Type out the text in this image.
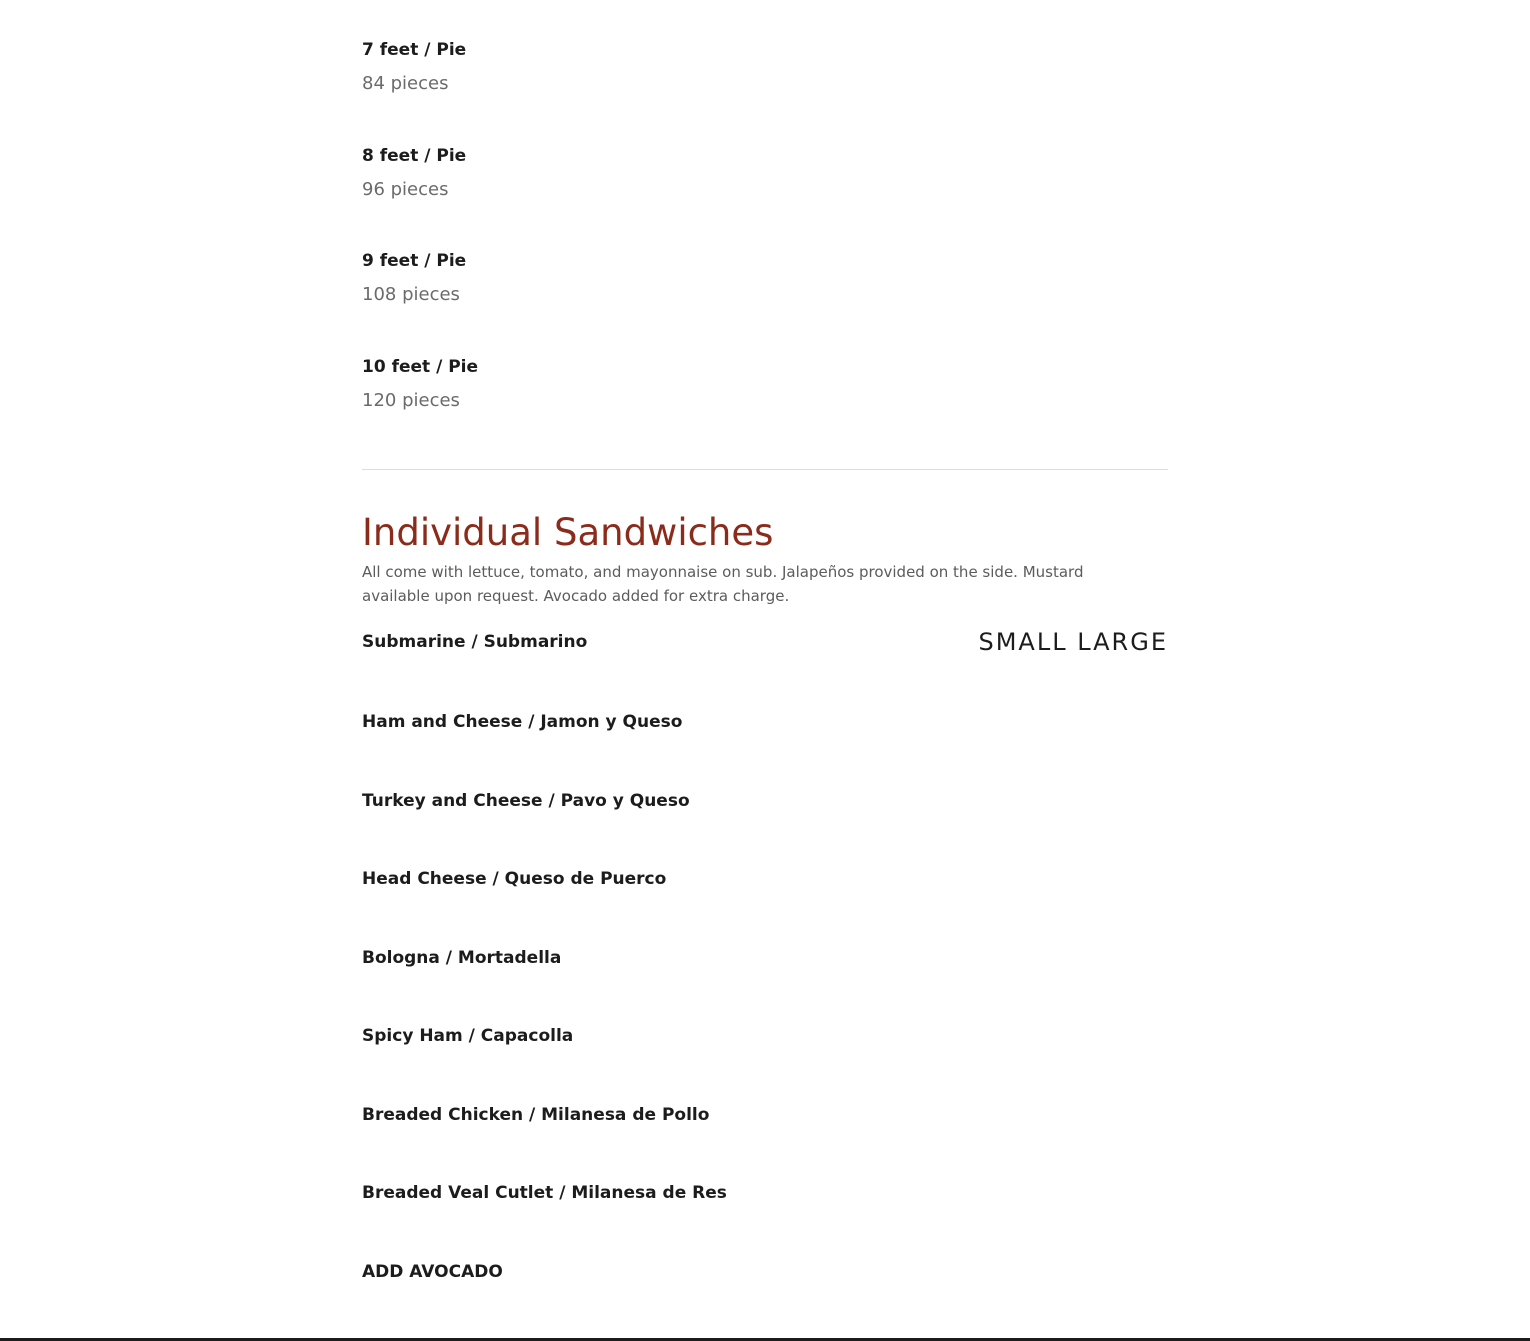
7 feet / Pie
84 pieces
8 feet / Pie
96 pieces
9 feet / Pie
108 pieces
10 feet / Pie
120 pieces
Individual Sandwiches
All come with lettuce, tomato, and mayonnaise on sub. Jalapeños provided on the side. Mustard available upon request. Avocado added for extra charge.
SMALL LARGE
Submarine / Submarino
Ham and Cheese / Jamon y Queso
Turkey and Cheese / Pavo y Queso
Head Cheese / Queso de Puerco
Bologna / Mortadella
Spicy Ham / Capacolla
Breaded Chicken / Milanesa de Pollo
Breaded Veal Cutlet / Milanesa de Res
ADD AVOCADO
